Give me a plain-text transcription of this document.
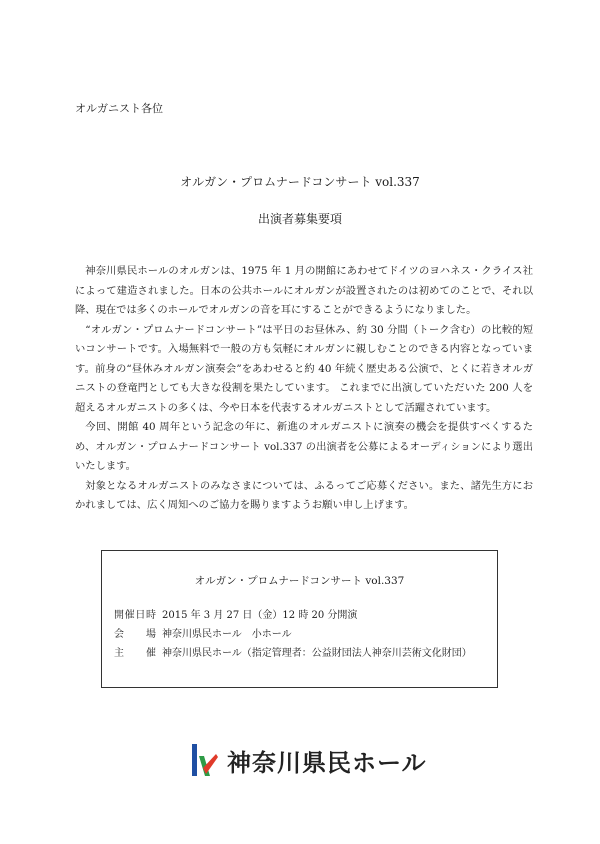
オルガニスト各位
オルガン・プロムナードコンサート vol.337
出演者募集要項

神奈川県民ホールのオルガンは、1975 年 1 月の開館にあわせてドイツのヨハネス・クライス社によって建造されました。日本の公共ホールにオルガンが設置されたのは初めてのことで、それ以降、現在では多くのホールでオルガンの音を耳にすることができるようになりました。

“オルガン・プロムナードコンサート”は平日のお昼休み、約 30 分間（トーク含む）の比較的短いコンサートです。入場無料で一般の方も気軽にオルガンに親しむことのできる内容となっています。前身の“昼休みオルガン演奏会”をあわせると約 40 年続く歴史ある公演で、とくに若きオルガニストの登竜門としても大きな役割を果たしています。 これまでに出演していただいた 200 人を超えるオルガニストの多くは、今や日本を代表するオルガニストとして活躍されています。

今回、開館 40 周年という記念の年に、新進のオルガニストに演奏の機会を提供すべくするため、オルガン・プロムナードコンサート vol.337 の出演者を公募によるオーディションにより選出いたします。

対象となるオルガニストのみなさまについては、ふるってご応募ください。また、諸先生方におかれましては、広く周知へのご協力を賜りますようお願い申し上げます。

オルガン・プロムナードコンサート vol.337
開催日時 2015 年 3 月 27 日（金）12 時 20 分開演
会　場 神奈川県民ホール　小ホール
主　催 神奈川県民ホール（指定管理者：公益財団法人神奈川芸術文化財団）
神奈川県民ホール
